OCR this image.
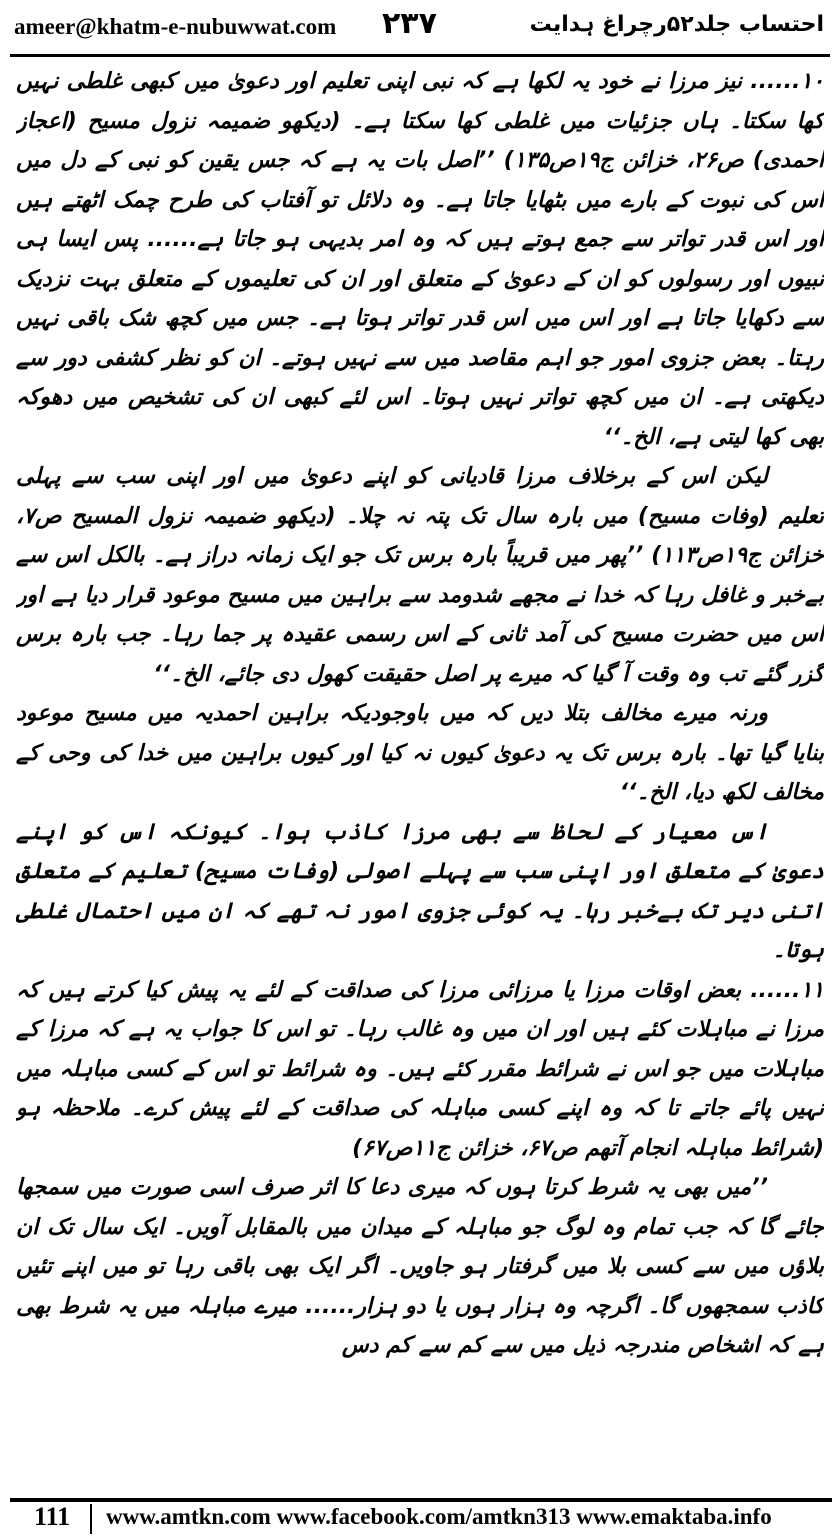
ameer@khatm-e-nubuwwat.com ٢٣٧	احتساب جلد۵۲رچراغ ہدایت

۱۰...... نیز مرزا نے خود یہ لکھا ہے کہ نبی اپنی تعلیم اور دعویٰ میں کبھی غلطی نہیں کھا سکتا۔ ہاں جزئیات میں غلطی کھا سکتا ہے۔ (دیکھو ضمیمہ نزول مسیح (اعجاز احمدی) ص۲۶، خزائن ج۱۹ص۱۳۵) ’’اصل بات یہ ہے کہ جس یقین کو نبی کے دل میں اس کی نبوت کے بارے میں بٹھایا جاتا ہے۔ وہ دلائل تو آفتاب کی طرح چمک اٹھتے ہیں اور اس قدر تواتر سے جمع ہوتے ہیں کہ وہ امر بدیہی ہو جاتا ہے...... پس ایسا ہی نبیوں اور رسولوں کو ان کے دعویٰ کے متعلق اور ان کی تعلیموں کے متعلق بہت نزدیک سے دکھایا جاتا ہے اور اس میں اس قدر تواتر ہوتا ہے۔ جس میں کچھ شک باقی نہیں رہتا۔ بعض جزوی امور جو اہم مقاصد میں سے نہیں ہوتے۔ ان کو نظر کشفی دور سے دیکھتی ہے۔ ان میں کچھ تواتر نہیں ہوتا۔ اس لئے کبھی ان کی تشخیص میں دھوکہ بھی کھا لیتی ہے، الخ۔‘‘

لیکن اس کے برخلاف مرزا قادیانی کو اپنے دعویٰ میں اور اپنی سب سے پہلی تعلیم (وفات مسیح) میں بارہ سال تک پتہ نہ چلا۔ (دیکھو ضمیمہ نزول المسیح ص۷، خزائن ج۱۹ص۱۱۳) ’’پھر میں قریباً بارہ برس تک جو ایک زمانہ دراز ہے۔ بالکل اس سے بےخبر و غافل رہا کہ خدا نے مجھے شدومد سے براہین میں مسیح موعود قرار دیا ہے اور اس میں حضرت مسیح کی آمد ثانی کے اس رسمی عقیدہ پر جما رہا۔ جب بارہ برس گزر گئے تب وہ وقت آ گیا کہ میرے پر اصل حقیقت کھول دی جائے، الخ۔‘‘

ورنہ میرے مخالف بتلا دیں کہ میں باوجودیکہ براہین احمدیہ میں مسیح موعود بنایا گیا تھا۔ بارہ برس تک یہ دعویٰ کیوں نہ کیا اور کیوں براہین میں خدا کی وحی کے مخالف لکھ دیا، الخ۔‘‘

اس معیار کے لحاظ سے بھی مرزا کاذب ہوا۔ کیونکہ اس کو اپنے دعویٰ کے متعلق اور اپنی سب سے پہلے اصولی (وفات مسیح) تعلیم کے متعلق اتنی دیر تک بےخبر رہا۔ یہ کوئی جزوی امور نہ تھے کہ ان میں احتمال غلطی ہوتا۔

۱۱...... بعض اوقات مرزا یا مرزائی مرزا کی صداقت کے لئے یہ پیش کیا کرتے ہیں کہ مرزا نے مباہلات کئے ہیں اور ان میں وہ غالب رہا۔ تو اس کا جواب یہ ہے کہ مرزا کے مباہلات میں جو اس نے شرائط مقرر کئے ہیں۔ وہ شرائط تو اس کے کسی مباہلہ میں نہیں پائے جاتے تا کہ وہ اپنے کسی مباہلہ کی صداقت کے لئے پیش کرے۔ ملاحظہ ہو (شرائط مباہلہ انجام آتھم ص۶۷، خزائن ج۱۱ص۶۷)

’’میں بھی یہ شرط کرتا ہوں کہ میری دعا کا اثر صرف اسی صورت میں سمجھا جائے گا کہ جب تمام وہ لوگ جو مباہلہ کے میدان میں بالمقابل آویں۔ ایک سال تک ان بلاؤں میں سے کسی بلا میں گرفتار ہو جاویں۔ اگر ایک بھی باقی رہا تو میں اپنے تئیں کاذب سمجھوں گا۔ اگرچہ وہ ہزار ہوں یا دو ہزار...... میرے مباہلہ میں یہ شرط بھی ہے کہ اشخاص مندرجہ ذیل میں سے کم سے کم دس

111 www.amtkn.com www.facebook.com/amtkn313 www.emaktaba.info
